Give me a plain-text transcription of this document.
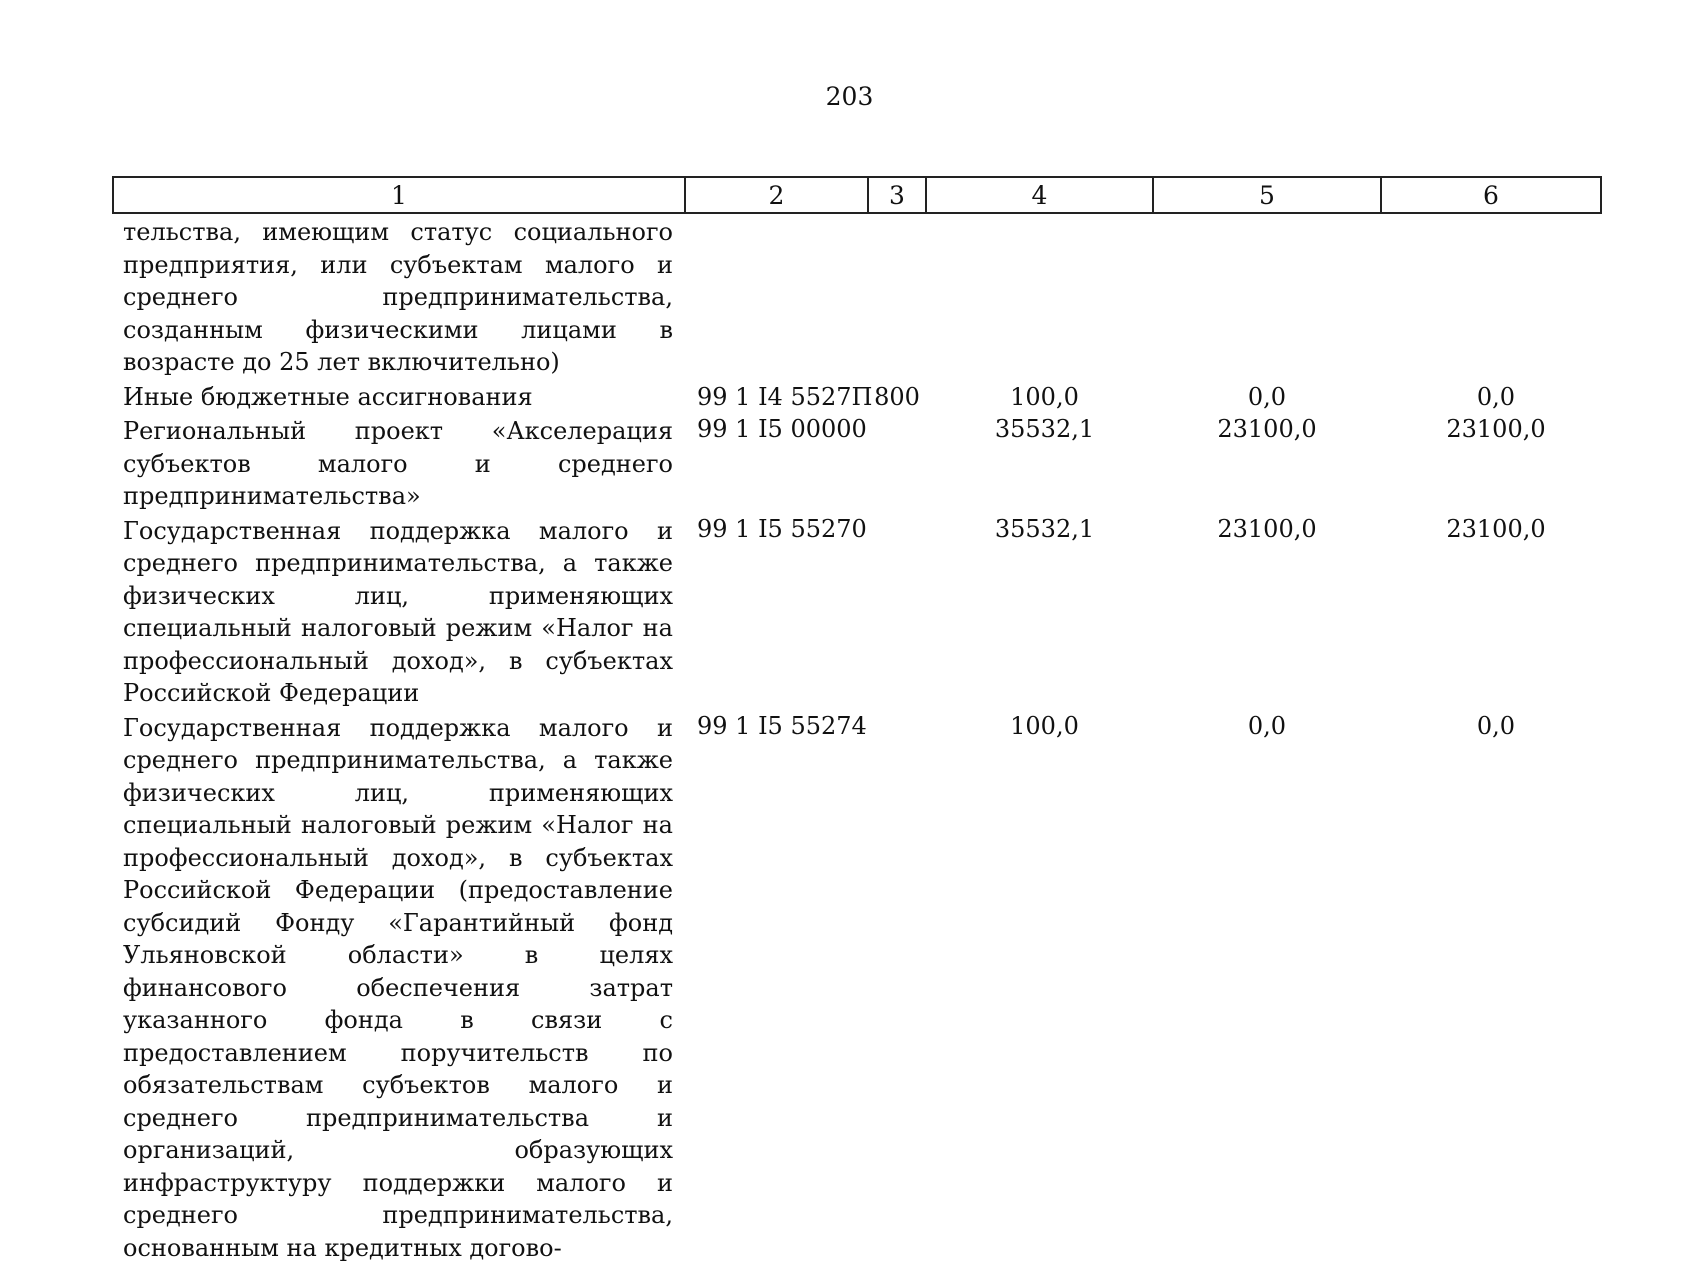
203
1	2	3	4	5	6
тельства, имеющим статус социального предприятия, или субъектам малого и среднего предпринимательства, созданным физическими лицами в возрасте до 25 лет включительно)					
Иные бюджетные ассигнования	99 1 I4 5527П	800	100,0	0,0	0,0
Региональный проект «Акселерация субъектов малого и среднего предпринимательства»	99 1 I5 00000		35532,1	23100,0	23100,0
Государственная поддержка малого и среднего предпринимательства, а также физических лиц, применяющих специальный налоговый режим «Налог на профессиональный доход», в субъектах Российской Федерации	99 1 I5 55270		35532,1	23100,0	23100,0
Государственная поддержка малого и среднего предпринимательства, а также физических лиц, применяющих специальный налоговый режим «Налог на профессиональный доход», в субъектах Российской Федерации (предоставление субсидий Фонду «Гарантийный фонд Ульяновской области» в целях финансового обеспечения затрат указанного фонда в связи с предоставлением поручительств по обязательствам субъектов малого и среднего предпринимательства и организаций, образующих инфраструктуру поддержки малого и среднего предпринимательства, основанным на кредитных догово-	99 1 I5 55274		100,0	0,0	0,0
